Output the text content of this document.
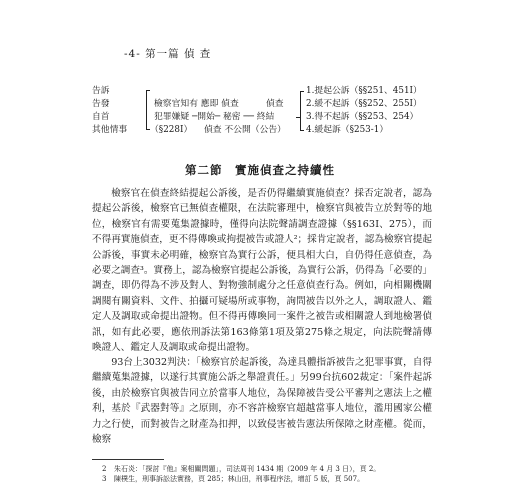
-4- 第一篇 偵 查
告訴
告發
自首
其他情事
檢察官知有 應即 偵查	偵查
犯罪嫌疑 ─開始─ 秘密 ── 終結
（§228Ⅰ） 偵查 不公開（公告）
1.提起公訴（§§251、451Ⅰ）
2.緩不起訴（§§252、255Ⅰ）
3.得不起訴（§§253、254）
4.緩起訴（§253-1）
第二節　實施偵查之持續性
檢察官在偵查終結提起公訴後，是否仍得繼續實施偵查？採否定說者，認為提起公訴後，檢察官已無偵查權限，在法院審理中，檢察官與被告立於對等的地位，檢察官有需要蒐集證據時，僅得向法院聲請調查證據（§§163Ⅰ、275），而不得再實施偵查，更不得傳喚或拘提被告或證人²；採肯定說者，認為檢察官提起公訴後，事實未必明確，檢察官為實行公訴，便具相大白，自仍得任意偵查，為必要之調查³。實務上，認為檢察官提起公訴後，為實行公訴，仍得為「必要的」調查，即仍得為不涉及對人、對物強制處分之任意偵查行為。例如，向相關機關調閱有關資料、文件、拍攝可疑場所或事物，詢問被告以外之人，調取證人、鑑定人及調取或命提出證物。但不得再傳喚同一案件之被告或相關證人到地檢署偵訊，如有此必要，應依刑訴法第163條第1項及第275條之規定，向法院聲請傳喚證人、鑑定人及調取或命提出證物。
93台上3032判決：「檢察官於起訴後，為達具體指訴被告之犯罪事實，自得繼續蒐集證據，以遂行其實施公訴之舉證責任。」另99台抗602裁定：「案件起訴後，由於檢察官與被告同立於當事人地位，為保障被告受公平審判之憲法上之權利，基於『武器對等』之原則，亦不容許檢察官超越當事人地位，濫用國家公權力之行使，而對被告之財產為扣押，以致侵害被告憲法所保障之財產權。從而，檢察
2 朱石炎：「探討『他』案相關問題」，司法周刊 1434 期（2009 年 4 月 3 日），頁 2。
3 陳樸生，刑事訴訟法實務，頁 285；林山田，刑事程序法，增訂 5 版，頁 507。
